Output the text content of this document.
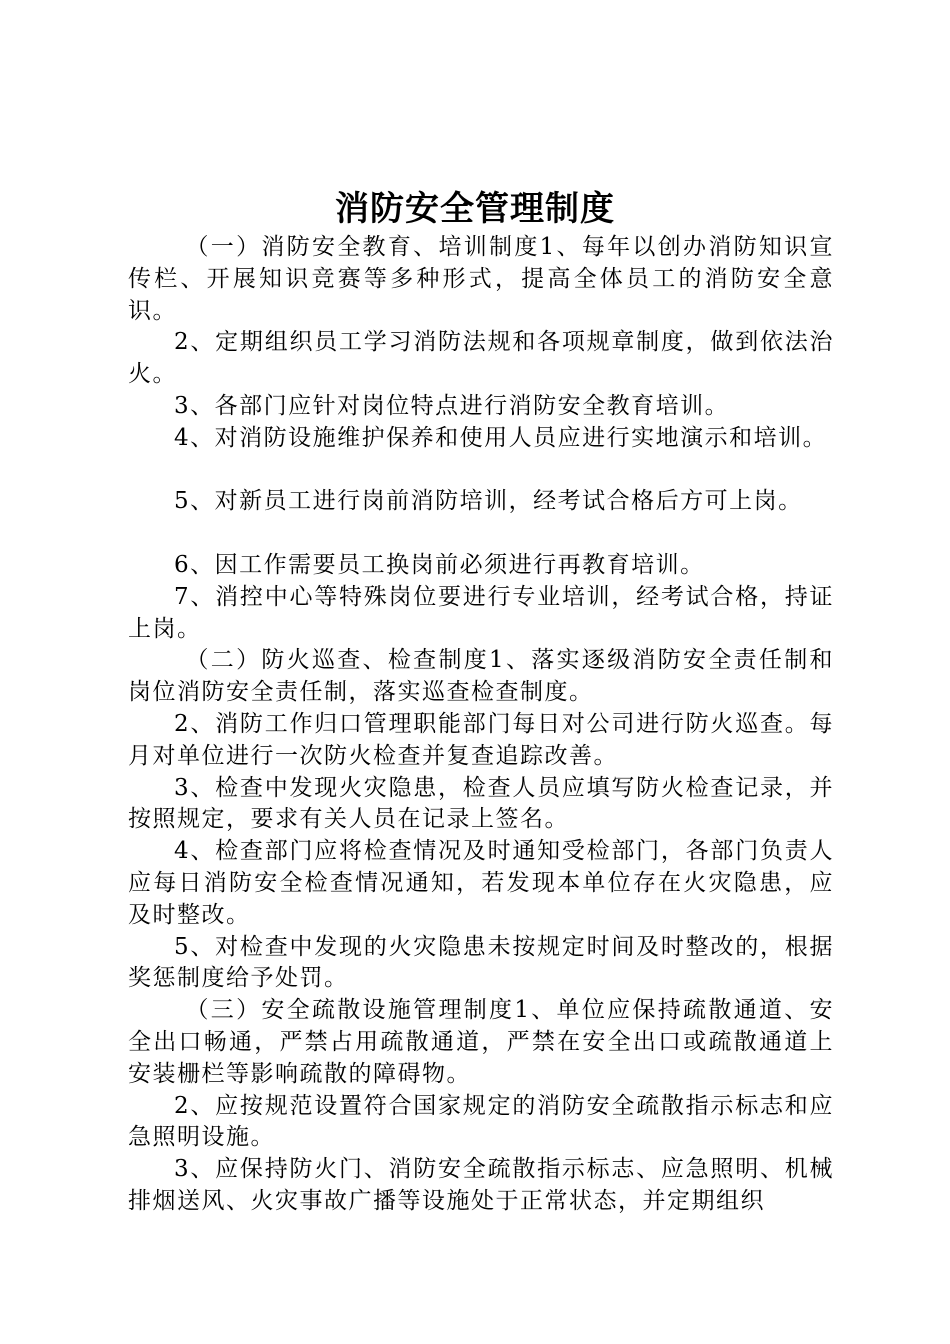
消防安全管理制度

（一）消防安全教育、培训制度1、每年以创办消防知识宣传栏、开展知识竞赛等多种形式，提高全体员工的消防安全意识。

2、定期组织员工学习消防法规和各项规章制度，做到依法治火。

3、各部门应针对岗位特点进行消防安全教育培训。

4、对消防设施维护保养和使用人员应进行实地演示和培训。

5、对新员工进行岗前消防培训，经考试合格后方可上岗。

6、因工作需要员工换岗前必须进行再教育培训。

7、消控中心等特殊岗位要进行专业培训，经考试合格，持证上岗。

（二）防火巡查、检查制度1、落实逐级消防安全责任制和岗位消防安全责任制，落实巡查检查制度。

2、消防工作归口管理职能部门每日对公司进行防火巡查。每月对单位进行一次防火检查并复查追踪改善。

3、检查中发现火灾隐患，检查人员应填写防火检查记录，并按照规定，要求有关人员在记录上签名。

4、检查部门应将检查情况及时通知受检部门，各部门负责人应每日消防安全检查情况通知，若发现本单位存在火灾隐患，应及时整改。

5、对检查中发现的火灾隐患未按规定时间及时整改的，根据奖惩制度给予处罚。

（三）安全疏散设施管理制度1、单位应保持疏散通道、安全出口畅通，严禁占用疏散通道，严禁在安全出口或疏散通道上安装栅栏等影响疏散的障碍物。

2、应按规范设置符合国家规定的消防安全疏散指示标志和应急照明设施。

3、应保持防火门、消防安全疏散指示标志、应急照明、机械排烟送风、火灾事故广播等设施处于正常状态，并定期组织
